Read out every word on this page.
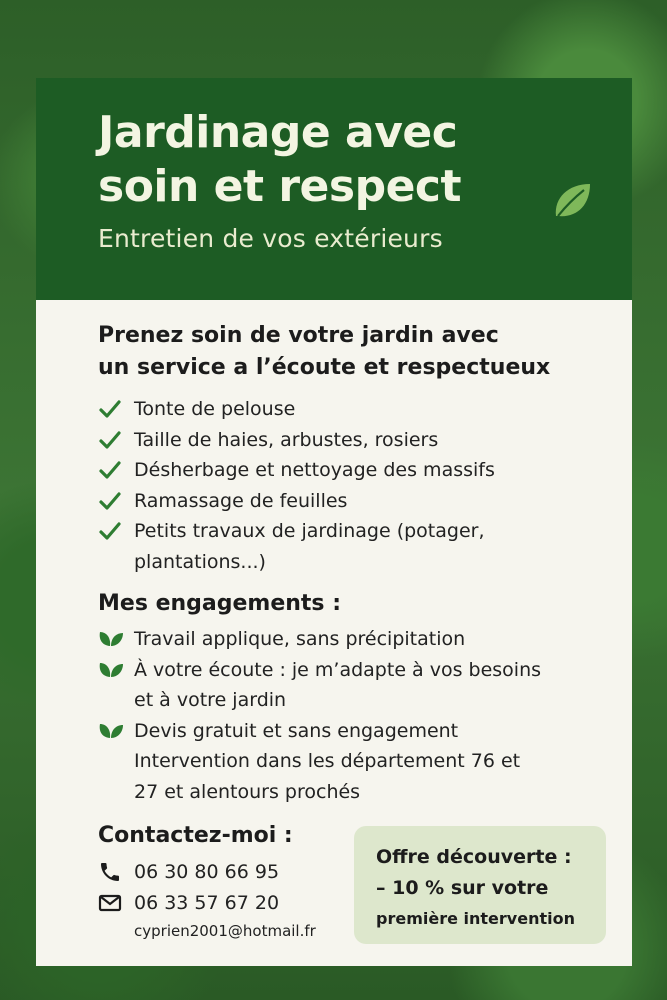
Jardinage avec
soin et respect
Entretien de vos extérieurs
Prenez soin de votre jardin avec
un service a l’écoute et respectueux
Tonte de pelouse
Taille de haies, arbustes, rosiers
Désherbage et nettoyage des massifs
Ramassage de feuilles
Petits travaux de jardinage (potager,
plantations...)
Mes engagements :
Travail applique, sans précipitation
À votre écoute : je m’adapte à vos besoins
et à votre jardin
Devis gratuit et sans engagement
Intervention dans les département 76 et
27 et alentours prochés
Contactez-moi :
06 30 80 66 95
06 33 57 67 20
cyprien2001@hotmail.fr
Offre découverte :
– 10 % sur votre
première intervention
